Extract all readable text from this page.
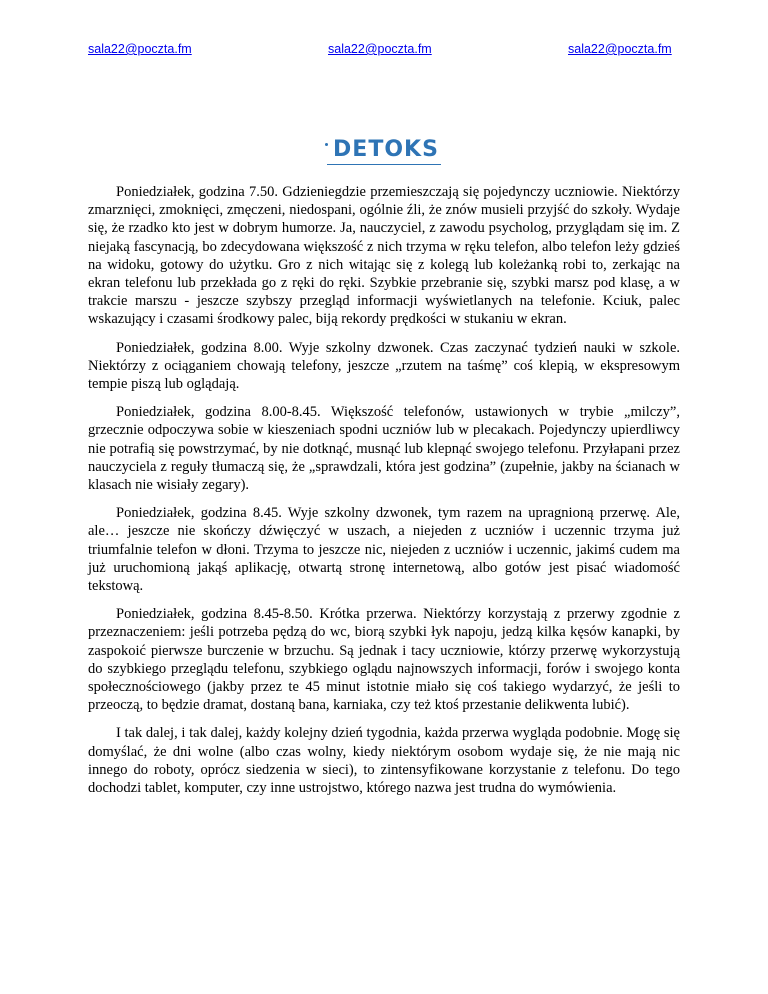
sala22@poczta.fm	sala22@poczta.fm	sala22@poczta.fm
DETOKS

Poniedziałek, godzina 7.50. Gdzieniegdzie przemieszczają się pojedynczy uczniowie. Niektórzy zmarznięci, zmoknięci, zmęczeni, niedospani, ogólnie źli, że znów musieli przyjść do szkoły. Wydaje się, że rzadko kto jest w dobrym humorze. Ja, nauczyciel, z zawodu psycholog, przyglądam się im. Z niejaką fascynacją, bo zdecydowana większość z nich trzyma w ręku telefon, albo telefon leży gdzieś na widoku, gotowy do użytku. Gro z nich witając się z kolegą lub koleżanką robi to, zerkając na ekran telefonu lub przekłada go z ręki do ręki. Szybkie przebranie się, szybki marsz pod klasę, a w trakcie marszu - jeszcze szybszy przegląd informacji wyświetlanych na telefonie. Kciuk, palec wskazujący i czasami środkowy palec, biją rekordy prędkości w stukaniu w ekran.

Poniedziałek, godzina 8.00. Wyje szkolny dzwonek. Czas zaczynać tydzień nauki w szkole. Niektórzy z ociąganiem chowają telefony, jeszcze „rzutem na taśmę” coś klepią, w ekspresowym tempie piszą lub oglądają.

Poniedziałek, godzina 8.00-8.45. Większość telefonów, ustawionych w trybie „milczy”, grzecznie odpoczywa sobie w kieszeniach spodni uczniów lub w plecakach. Pojedynczy upierdliwcy nie potrafią się powstrzymać, by nie dotknąć, musnąć lub klepnąć swojego telefonu. Przyłapani przez nauczyciela z reguły tłumaczą się, że „sprawdzali, która jest godzina” (zupełnie, jakby na ścianach w klasach nie wisiały zegary).

Poniedziałek, godzina 8.45. Wyje szkolny dzwonek, tym razem na upragnioną przerwę. Ale, ale… jeszcze nie skończy dźwięczyć w uszach, a niejeden z uczniów i uczennic trzyma już triumfalnie telefon w dłoni. Trzyma to jeszcze nic, niejeden z uczniów i uczennic, jakimś cudem ma już uruchomioną jakąś aplikację, otwartą stronę internetową, albo gotów jest pisać wiadomość tekstową.

Poniedziałek, godzina 8.45-8.50. Krótka przerwa. Niektórzy korzystają z przerwy zgodnie z przeznaczeniem: jeśli potrzeba pędzą do wc, biorą szybki łyk napoju, jedzą kilka kęsów kanapki, by zaspokoić pierwsze burczenie w brzuchu. Są jednak i tacy uczniowie, którzy przerwę wykorzystują do szybkiego przeglądu telefonu, szybkiego oglądu najnowszych informacji, forów i swojego konta społecznościowego (jakby przez te 45 minut istotnie miało się coś takiego wydarzyć, że jeśli to przeoczą, to będzie dramat, dostaną bana, karniaka, czy też ktoś przestanie delikwenta lubić).

I tak dalej, i tak dalej, każdy kolejny dzień tygodnia, każda przerwa wygląda podobnie. Mogę się domyślać, że dni wolne (albo czas wolny, kiedy niektórym osobom wydaje się, że nie mają nic innego do roboty, oprócz siedzenia w sieci), to zintensyfikowane korzystanie z telefonu. Do tego dochodzi tablet, komputer, czy inne ustrojstwo, którego nazwa jest trudna do wymówienia.
